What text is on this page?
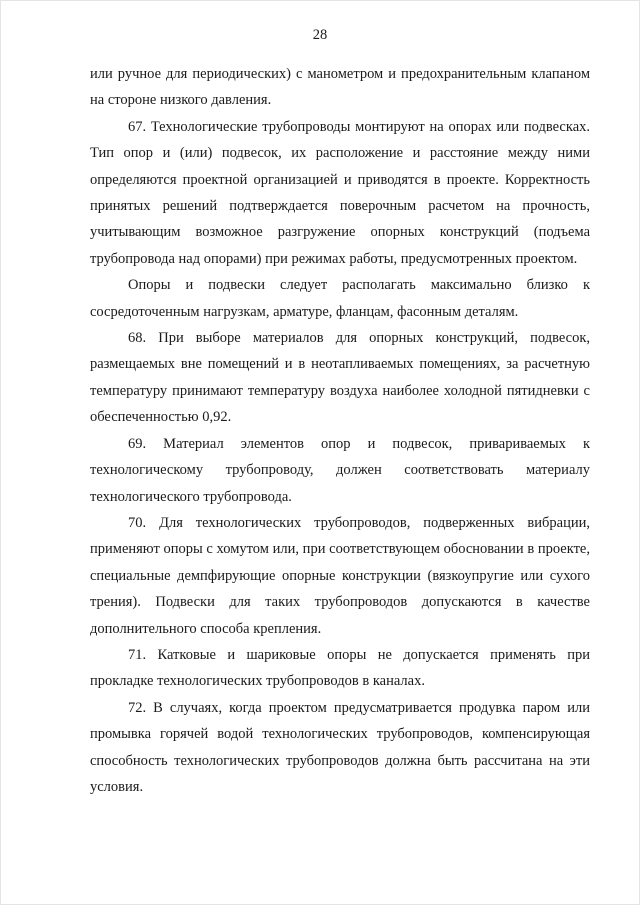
28

или ручное для периодических) с манометром и предохранительным клапаном на стороне низкого давления.

67. Технологические трубопроводы монтируют на опорах или подвесках. Тип опор и (или) подвесок, их расположение и расстояние между ними определяются проектной организацией и приводятся в проекте. Корректность принятых решений подтверждается поверочным расчетом на прочность, учитывающим возможное разгружение опорных конструкций (подъема трубопровода над опорами) при режимах работы, предусмотренных проектом.

Опоры и подвески следует располагать максимально близко к сосредоточенным нагрузкам, арматуре, фланцам, фасонным деталям.

68. При выборе материалов для опорных конструкций, подвесок, размещаемых вне помещений и в неотапливаемых помещениях, за расчетную температуру принимают температуру воздуха наиболее холодной пятидневки с обеспеченностью 0,92.

69. Материал элементов опор и подвесок, привариваемых к технологическому трубопроводу, должен соответствовать материалу технологического трубопровода.

70. Для технологических трубопроводов, подверженных вибрации, применяют опоры с хомутом или, при соответствующем обосновании в проекте, специальные демпфирующие опорные конструкции (вязкоупругие или сухого трения). Подвески для таких трубопроводов допускаются в качестве дополнительного способа крепления.

71. Катковые и шариковые опоры не допускается применять при прокладке технологических трубопроводов в каналах.

72. В случаях, когда проектом предусматривается продувка паром или промывка горячей водой технологических трубопроводов, компенсирующая способность технологических трубопроводов должна быть рассчитана на эти условия.
